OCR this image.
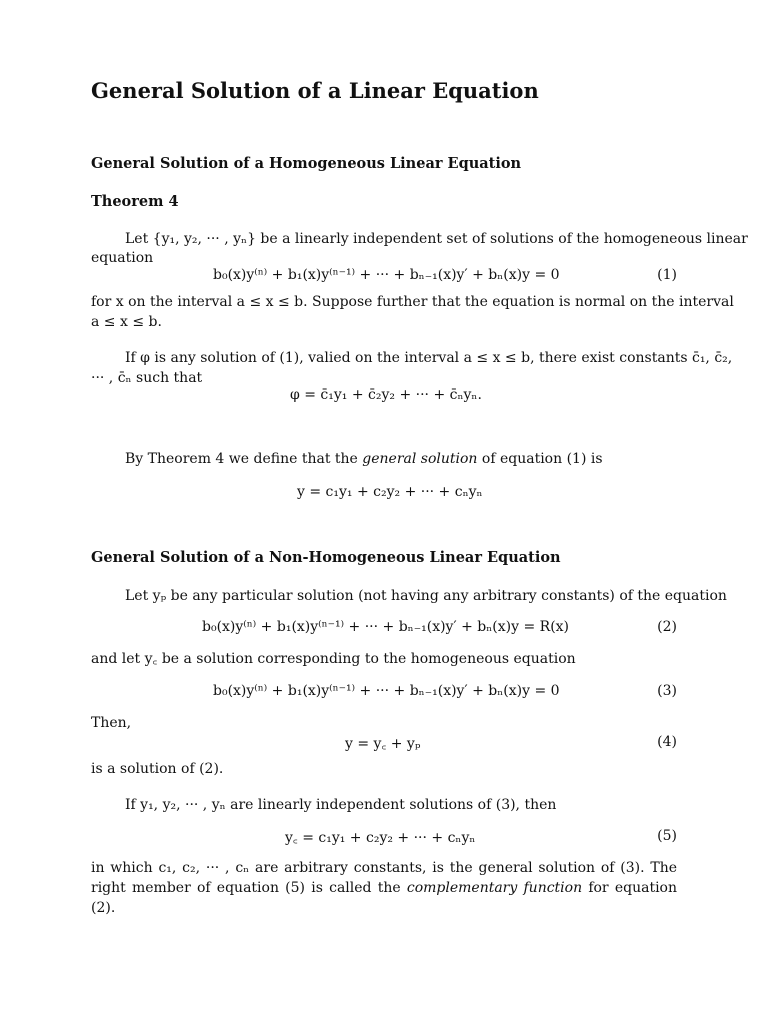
General Solution of a Linear Equation
General Solution of a Homogeneous Linear Equation
Theorem 4
Let {y₁, y₂, ··· , yₙ} be a linearly independent set of solutions of the homogeneous linear
equation
b₀(x)y⁽ⁿ⁾ + b₁(x)y⁽ⁿ⁻¹⁾ + ··· + bₙ₋₁(x)y′ + bₙ(x)y = 0	(1)
for x on the interval a ≤ x ≤ b. Suppose further that the equation is normal on the interval
a ≤ x ≤ b.
If φ is any solution of (1), valied on the interval a ≤ x ≤ b, there exist constants c̄₁, c̄₂,
··· , c̄ₙ such that
φ = c̄₁y₁ + c̄₂y₂ + ··· + c̄ₙyₙ.
By Theorem 4 we define that the general solution of equation (1) is
y = c₁y₁ + c₂y₂ + ··· + cₙyₙ
General Solution of a Non-Homogeneous Linear Equation
Let yₚ be any particular solution (not having any arbitrary constants) of the equation
b₀(x)y⁽ⁿ⁾ + b₁(x)y⁽ⁿ⁻¹⁾ + ··· + bₙ₋₁(x)y′ + bₙ(x)y = R(x)	(2)
and let y꜀ be a solution corresponding to the homogeneous equation
b₀(x)y⁽ⁿ⁾ + b₁(x)y⁽ⁿ⁻¹⁾ + ··· + bₙ₋₁(x)y′ + bₙ(x)y = 0	(3)
Then,
y = y꜀ + yₚ	(4)
is a solution of (2).
If y₁, y₂, ··· , yₙ are linearly independent solutions of (3), then
y꜀ = c₁y₁ + c₂y₂ + ··· + cₙyₙ	(5)
in which c₁, c₂, ··· , cₙ are arbitrary constants, is the general solution of (3). The right member of equation (5) is called the complementary function for equation (2).
